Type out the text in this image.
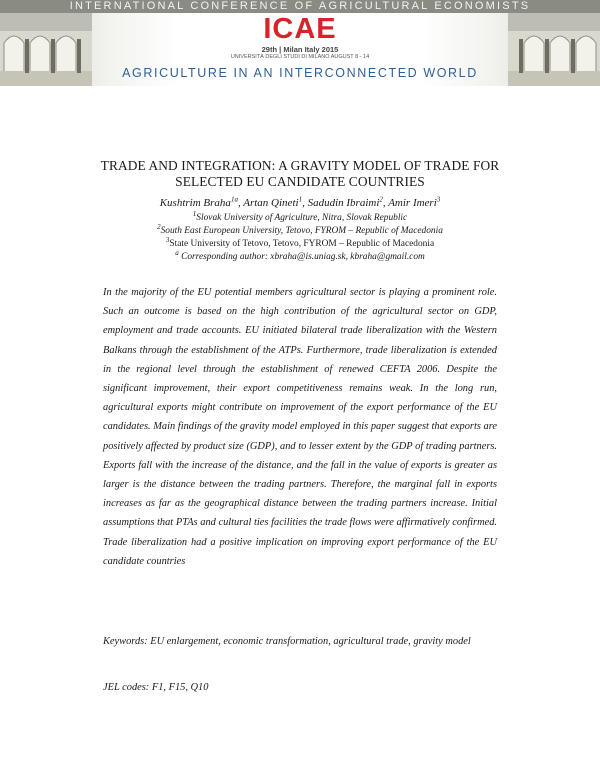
INTERNATIONAL CONFERENCE OF AGRICULTURAL ECONOMISTS
ICAE
29th | Milan Italy 2015
UNIVERSITÀ DEGLI STUDI DI MILANO AUGUST 8 - 14
AGRICULTURE IN AN INTERCONNECTED WORLD
TRADE AND INTEGRATION: A GRAVITY MODEL OF TRADE FOR
SELECTED EU CANDIDATE COUNTRIES
Kushtrim Braha$^{1a}$, Artan Qineti$^1$, Sadudin Ibraimi$^2$, Amir Imeri$^3$
$^1$Slovak University of Agriculture, Nitra, Slovak Republic
$^2$South East European University, Tetovo, FYROM – Republic of Macedonia
$^3$State University of Tetovo, Tetovo, FYROM – Republic of Macedonia
$^a$ Corresponding author: xbraha@is.uniag.sk, kbraha@gmail.com
In the majority of the EU potential members agricultural sector is playing a prominent role. Such an outcome is based on the high contribution of the agricultural sector on GDP, employment and trade accounts. EU initiated bilateral trade liberalization with the Western Balkans through the establishment of the ATPs. Furthermore, trade liberalization is extended in the regional level through the establishment of renewed CEFTA 2006. Despite the significant improvement, their export competitiveness remains weak. In the long run, agricultural exports might contribute on improvement of the export performance of the EU candidates. Main findings of the gravity model employed in this paper suggest that exports are positively affected by product size (GDP), and to lesser extent by the GDP of trading partners. Exports fall with the increase of the distance, and the fall in the value of exports is greater as larger is the distance between the trading partners. Therefore, the marginal fall in exports increases as far as the geographical distance between the trading partners increase. Initial assumptions that PTAs and cultural ties facilities the trade flows were affirmatively confirmed. Trade liberalization had a positive implication on improving export performance of the EU candidate countries
Keywords: EU enlargement, economic transformation, agricultural trade, gravity model
JEL codes: F1, F15, Q10
